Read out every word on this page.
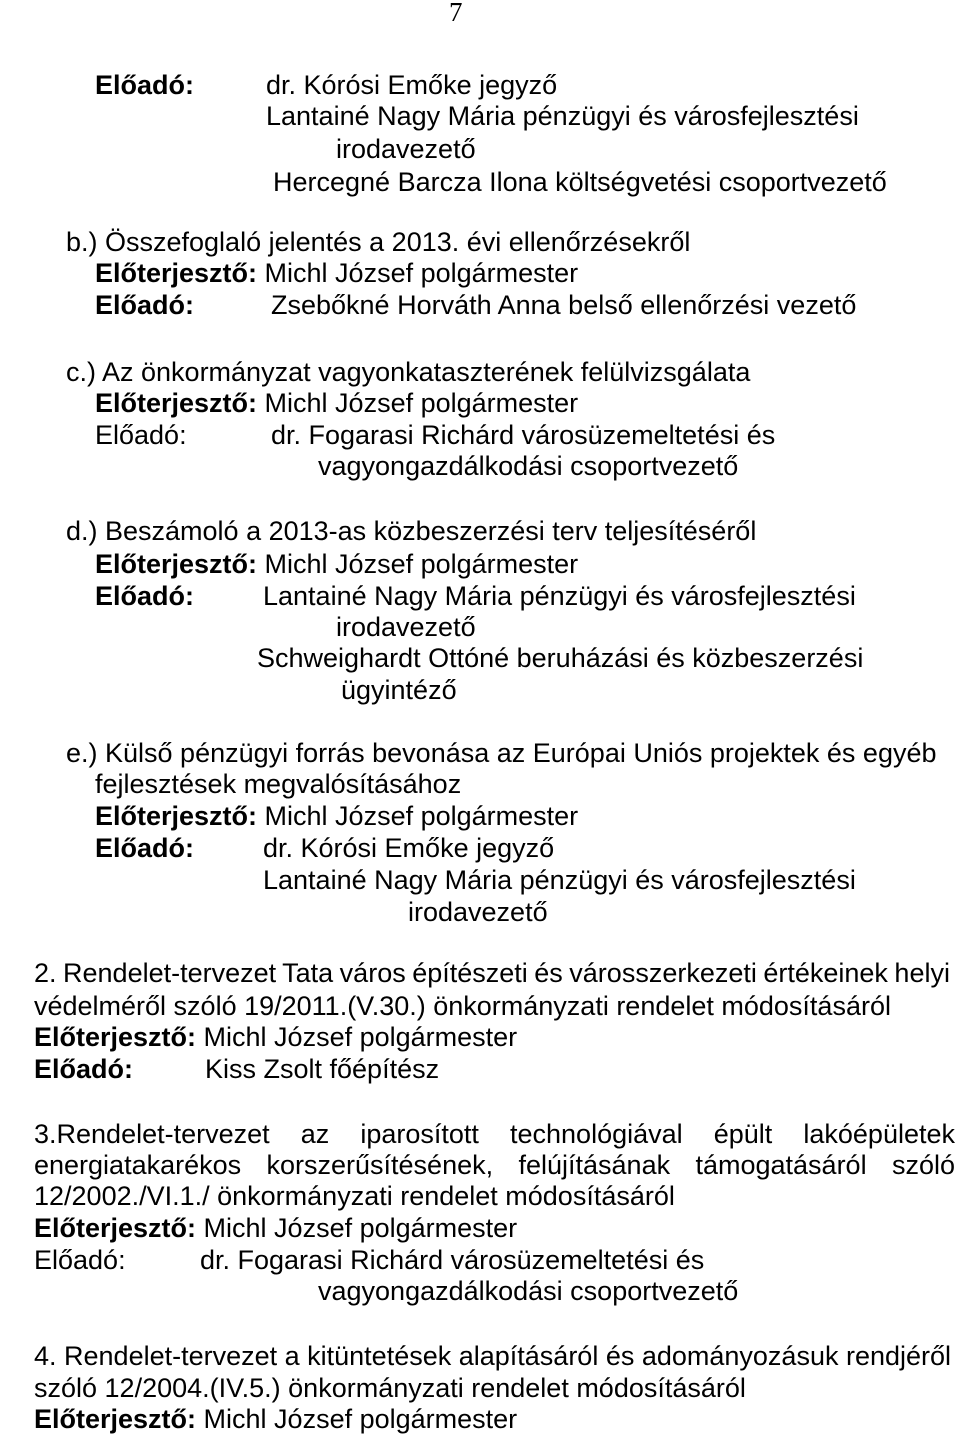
7
Előadó:	dr. Kórósi Emőke jegyző
Lantainé Nagy Mária pénzügyi és városfejlesztési
irodavezető
Hercegné Barcza Ilona költségvetési csoportvezető
b.) Összefoglaló jelentés a 2013. évi ellenőrzésekről
Előterjesztő: Michl József polgármester
Előadó:	Zsebőkné Horváth Anna belső ellenőrzési vezető
c.) Az önkormányzat vagyonkataszterének felülvizsgálata
Előterjesztő: Michl József polgármester
Előadó:	dr. Fogarasi Richárd városüzemeltetési és
vagyongazdálkodási csoportvezető
d.) Beszámoló a 2013-as közbeszerzési terv teljesítéséről
Előterjesztő: Michl József polgármester
Előadó:	Lantainé Nagy Mária pénzügyi és városfejlesztési
irodavezető
Schweighardt Ottóné beruházási és közbeszerzési
ügyintéző
e.) Külső pénzügyi forrás bevonása az Európai Uniós projektek és egyéb
fejlesztések megvalósításához
Előterjesztő: Michl József polgármester
Előadó:	dr. Kórósi Emőke jegyző
Lantainé Nagy Mária pénzügyi és városfejlesztési
irodavezető
2. Rendelet-tervezet Tata város építészeti és városszerkezeti értékeinek helyi
védelméről szóló 19/2011.(V.30.) önkormányzati rendelet módosításáról
Előterjesztő: Michl József polgármester
Előadó:	Kiss Zsolt főépítész
3.Rendelet-tervezet az iparosított technológiával épült lakóépületek
energiatakarékos korszerűsítésének, felújításának támogatásáról szóló
12/2002./VI.1./ önkormányzati rendelet módosításáról
Előterjesztő: Michl József polgármester
Előadó:	dr. Fogarasi Richárd városüzemeltetési és
vagyongazdálkodási csoportvezető
4. Rendelet-tervezet a kitüntetések alapításáról és adományozásuk rendjéről
szóló 12/2004.(IV.5.) önkormányzati rendelet módosításáról
Előterjesztő: Michl József polgármester
